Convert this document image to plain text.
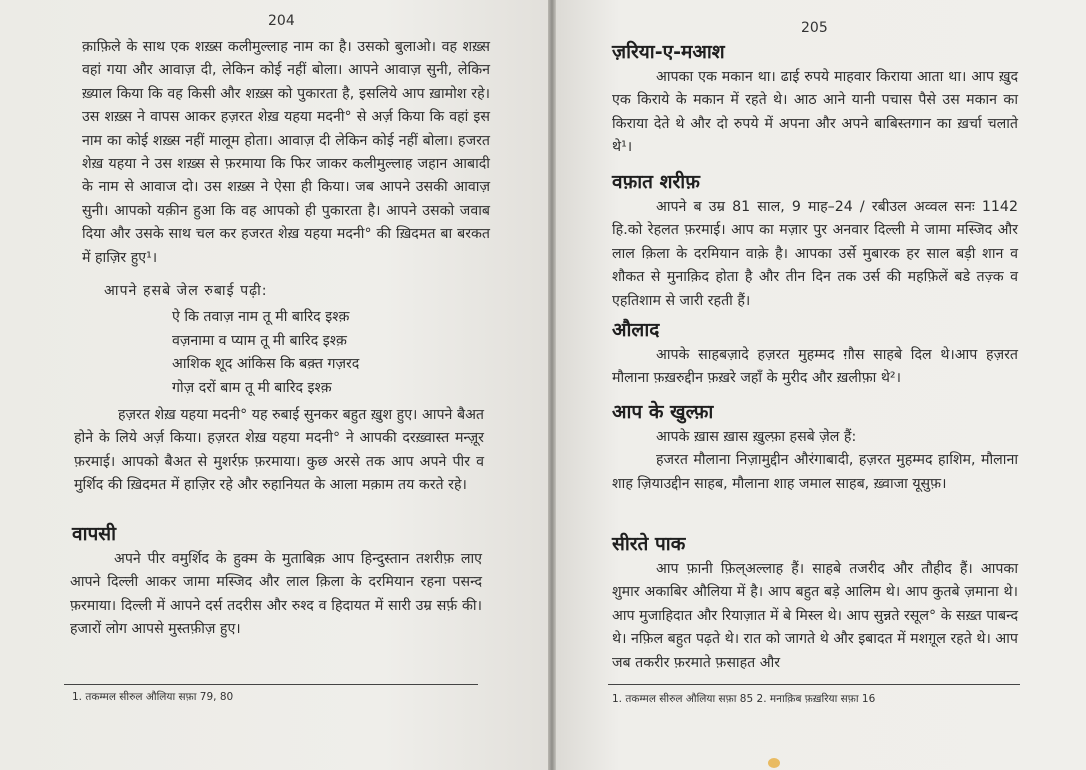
204

क़ाफ़िले के साथ एक शख़्स कलीमुल्लाह नाम का है। उसको बुलाओ। वह शख़्स वहां गया और आवाज़ दी, लेकिन कोई नहीं बोला। आपने आवाज़ सुनी, लेकिन ख़्याल किया कि वह किसी और शख़्स को पुकारता है, इसलिये आप ख़ामोश रहे। उस शख़्स ने वापस आकर हज़रत शेख़ यहया मदनी° से अर्ज़ किया कि वहां इस नाम का कोई शख़्स नहीं मालूम होता। आवाज़ दी लेकिन कोई नहीं बोला। हजरत शेख़ यहया ने उस शख़्स से फ़रमाया कि फिर जाकर कलीमुल्लाह जहान आबादी के नाम से आवाज दो। उस शख़्स ने ऐसा ही किया। जब आपने उसकी आवाज़ सुनी। आपको यक़ीन हुआ कि वह आपको ही पुकारता है। आपने उसको जवाब दिया और उसके साथ चल कर हजरत शेख़ यहया मदनी° की ख़िदमत बा बरकत में हाज़िर हुए¹।

आपने हसबे जेल रुबाई पढ़ी:
ऐ कि तवाज़ नाम तू मी बारिद इश्क़
वज़नामा व प्याम तू मी बारिद इश्क़
आशिक शूद आंकिस कि बक़्त गज़रद
गोज़ दरों बाम तू मी बारिद इश्क़

हज़रत शेख़ यहया मदनी° यह रुबाई सुनकर बहुत ख़ुश हुए। आपने बैअत होने के लिये अर्ज़ किया। हज़रत शेख़ यहया मदनी° ने आपकी दरख़्वास्त मन्ज़ूर फ़रमाई। आपको बैअत से मुशर्रफ़ फ़रमाया। कुछ अरसे तक आप अपने पीर व मुर्शिद की ख़िदमत में हाज़िर रहे और रुहानियत के आला मक़ाम तय करते रहे।

वापसी

अपने पीर वमुर्शिद के हुक्म के मुताबिक़ आप हिन्दुस्तान तशरीफ़ लाए आपने दिल्ली आकर जामा मस्जिद और लाल क़िला के दरमियान रहना पसन्द फ़रमाया। दिल्ली में आपने दर्स तदरीस और रुश्द व हिदायत में सारी उम्र सर्फ़ की। हजारों लोग आपसे मुस्तफ़ीज़ हुए।

1. तकम्मल सीरुल औलिया सफ़ा 79, 80
205
ज़रिया-ए-मआश

आपका एक मकान था। ढाई रुपये माहवार किराया आता था। आप ख़ुद एक किराये के मकान में रहते थे। आठ आने यानी पचास पैसे उस मकान का किराया देते थे और दो रुपये में अपना और अपने बाबिस्तगान का ख़र्चा चलाते थे¹।

वफ़ात शरीफ़

आपने ब उम्र 81 साल, 9 माह–24 / रबीउल अव्वल सनः 1142 हि.को रेहलत फ़रमाई। आप का मज़ार पुर अनवार दिल्ली मे जामा मस्जिद और लाल क़िला के दरमियान वाक़े है। आपका उर्से मुबारक हर साल बड़ी शान व शौकत से मुनाक़िद होता है और तीन दिन तक उर्स की महफ़िलें बडे तज़्क व एहतिशाम से जारी रहती हैं।

औलाद

आपके साहबज़ादे हज़रत मुहम्मद ग़ौस साहबे दिल थे।आप हज़रत मौलाना फ़ख़रुद्दीन फ़ख़रे जहाँ के मुरीद और ख़लीफ़ा थे²।

आप के खुल्फ़ा

आपके ख़ास ख़ास ख़ुल्फ़ा हसबे ज़ेल हैं:

हजरत मौलाना निज़ामुद्दीन औरंगाबादी, हज़रत मुहम्मद हाशिम, मौलाना शाह ज़ियाउद्दीन साहब, मौलाना शाह जमाल साहब, ख़्वाजा यूसुफ़।

सीरते पाक

आप फ़ानी फ़िल्अल्लाह हैं। साहबे तजरीद और तौहीद हैं। आपका शुमार अकाबिर औलिया में है। आप बहुत बड़े आलिम थे। आप कुतबे ज़माना थे। आप मुजाहिदात और रियाज़ात में बे मिस्ल थे। आप सुन्नते रसूल° के सख़्त पाबन्द थे। नफ़िल बहुत पढ़ते थे। रात को जागते थे और इबादत में मशग़ूल रहते थे। आप जब तकरीर फ़रमाते फ़साहत और

1. तकम्मल सीरुल औलिया सफ़ा 85 2. मनाक़िब फ़ख़रिया सफ़ा 16
